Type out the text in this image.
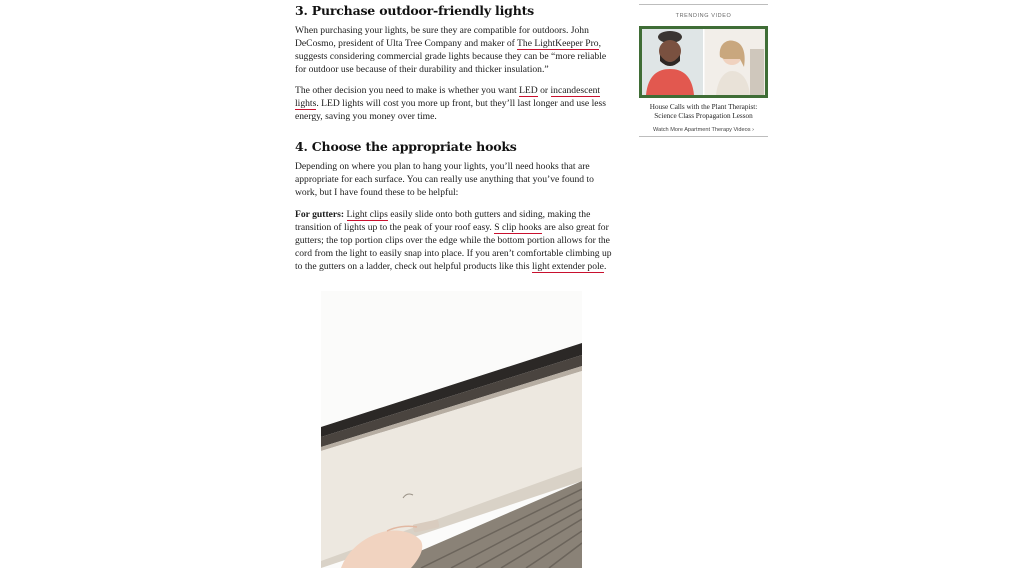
3. Purchase outdoor-friendly lights

When purchasing your lights, be sure they are compatible for outdoors. John DeCosmo, president of Ulta Tree Company and maker of The LightKeeper Pro, suggests considering commercial grade lights because they can be “more reliable for outdoor use because of their durability and thicker insulation.”

The other decision you need to make is whether you want LED or incandescent lights. LED lights will cost you more up front, but they’ll last longer and use less energy, saving you money over time.

4. Choose the appropriate hooks

Depending on where you plan to hang your lights, you’ll need hooks that are appropriate for each surface. You can really use anything that you’ve found to work, but I have found these to be helpful:

For gutters: Light clips easily slide onto both gutters and siding, making the transition of lights up to the peak of your roof easy. S clip hooks are also great for gutters; the top portion clips over the edge while the bottom portion allows for the cord from the light to easily snap into place. If you aren’t comfortable climbing up to the gutters on a ladder, check out helpful products like this light extender pole.

TRENDING VIDEO
House Calls with the Plant Therapist: Science Class Propagation Lesson
Watch More Apartment Therapy Videos ›
